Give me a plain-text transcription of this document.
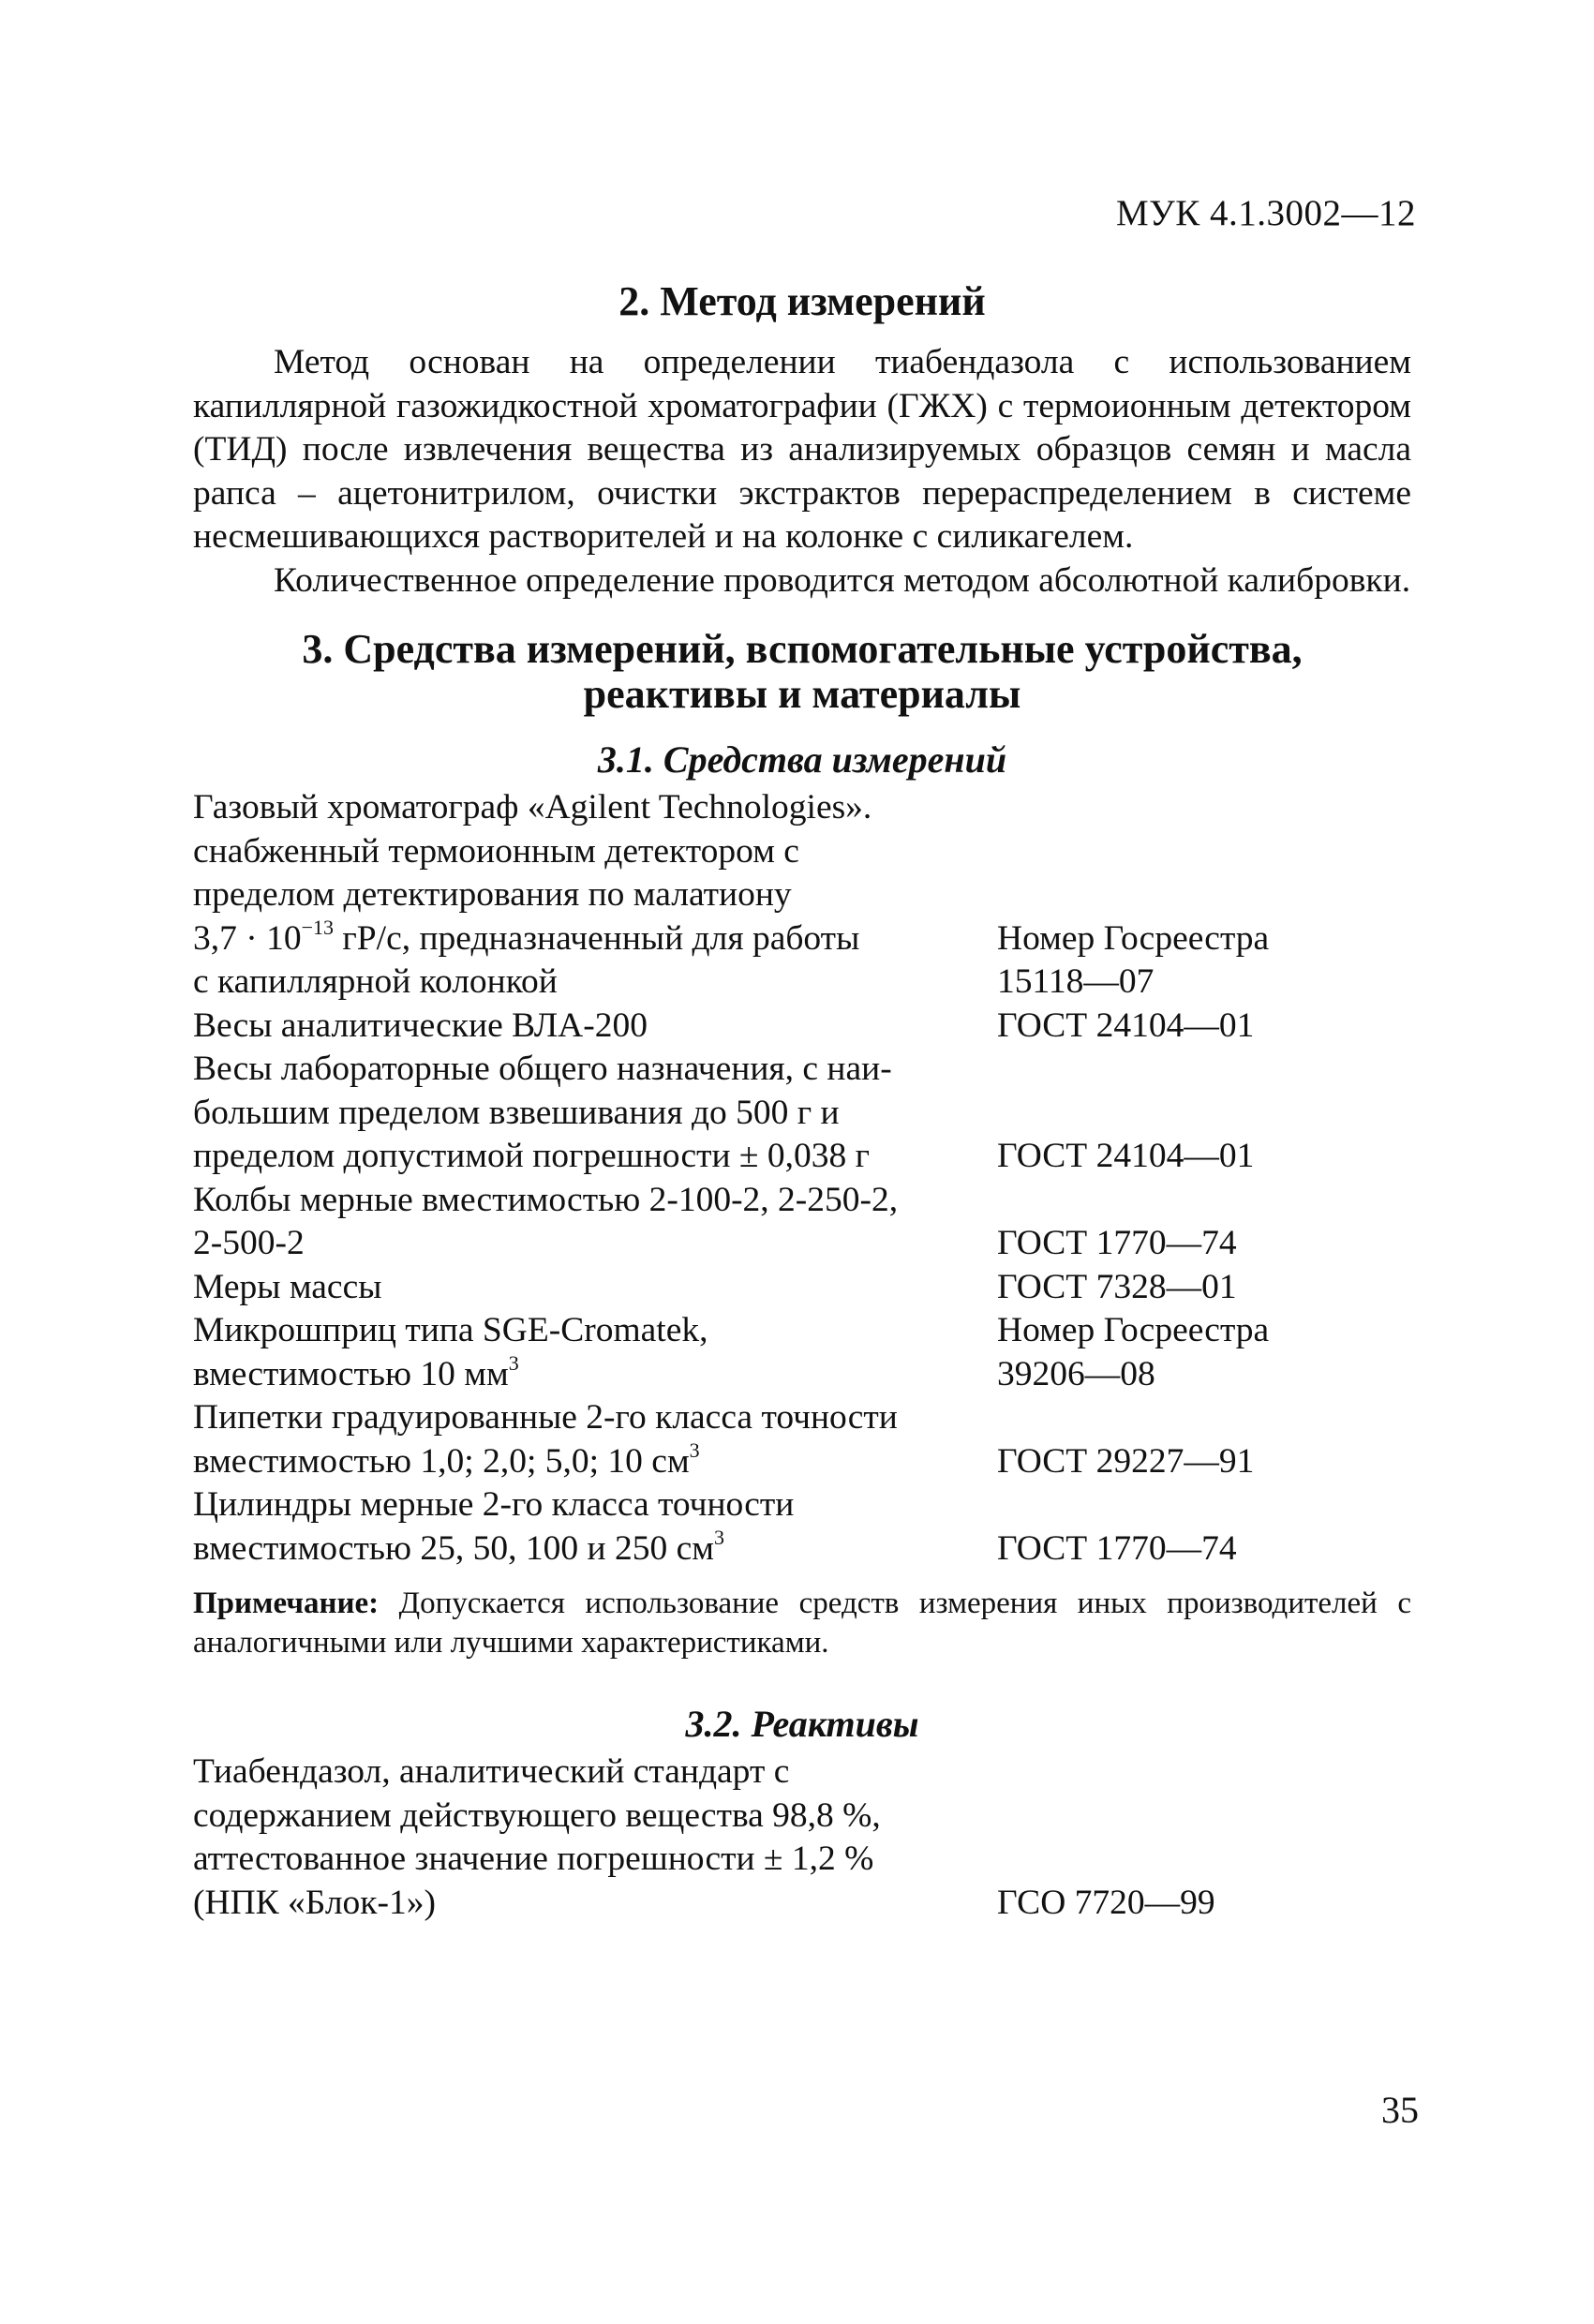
МУК 4.1.3002—12
2. Метод измерений

Метод основан на определении тиабендазола с использованием капиллярной газожидкостной хроматографии (ГЖХ) с термоионным детектором (ТИД) после извлечения вещества из анализируемых образцов семян и масла рапса – ацетонитрилом, очистки экстрактов перераспределением в системе несмешивающихся растворителей и на колонке с силикагелем.

Количественное определение проводится методом абсолютной калибровки.

3. Средства измерений, вспомогательные устройства,
реактивы и материалы
3.1. Средства измерений
Газовый хроматограф «Agilent Technologies».
снабженный термоионным детектором с
пределом детектирования по малатиону
$3,7 \cdot 10^{-13}$ гР/с, предназначенный для работы	Номер Госреестра
с капиллярной колонкой	15118—07
Весы аналитические ВЛА-200	ГОСТ 24104—01
Весы лабораторные общего назначения, с наи-
большим пределом взвешивания до 500 г и
пределом допустимой погрешности ± 0,038 г	ГОСТ 24104—01
Колбы мерные вместимостью 2-100-2, 2-250-2,
2-500-2	ГОСТ 1770—74
Меры массы	ГОСТ 7328—01
Микрошприц типа SGE-Cromatek,	Номер Госреестра
вместимостью 10 $мм^3$	39206—08
Пипетки градуированные 2-го класса точности
вместимостью 1,0; 2,0; 5,0; 10 $см^3$	ГОСТ 29227—91
Цилиндры мерные 2-го класса точности
вместимостью 25, 50, 100 и 250 $см^3$	ГОСТ 1770—74

Примечание: Допускается использование средств измерения иных производителей с аналогичными или лучшими характеристиками.

3.2. Реактивы
Тиабендазол, аналитический стандарт с
содержанием действующего вещества 98,8 %,
аттестованное значение погрешности ± 1,2 %
(НПК «Блок-1»)	ГСО 7720—99
35
